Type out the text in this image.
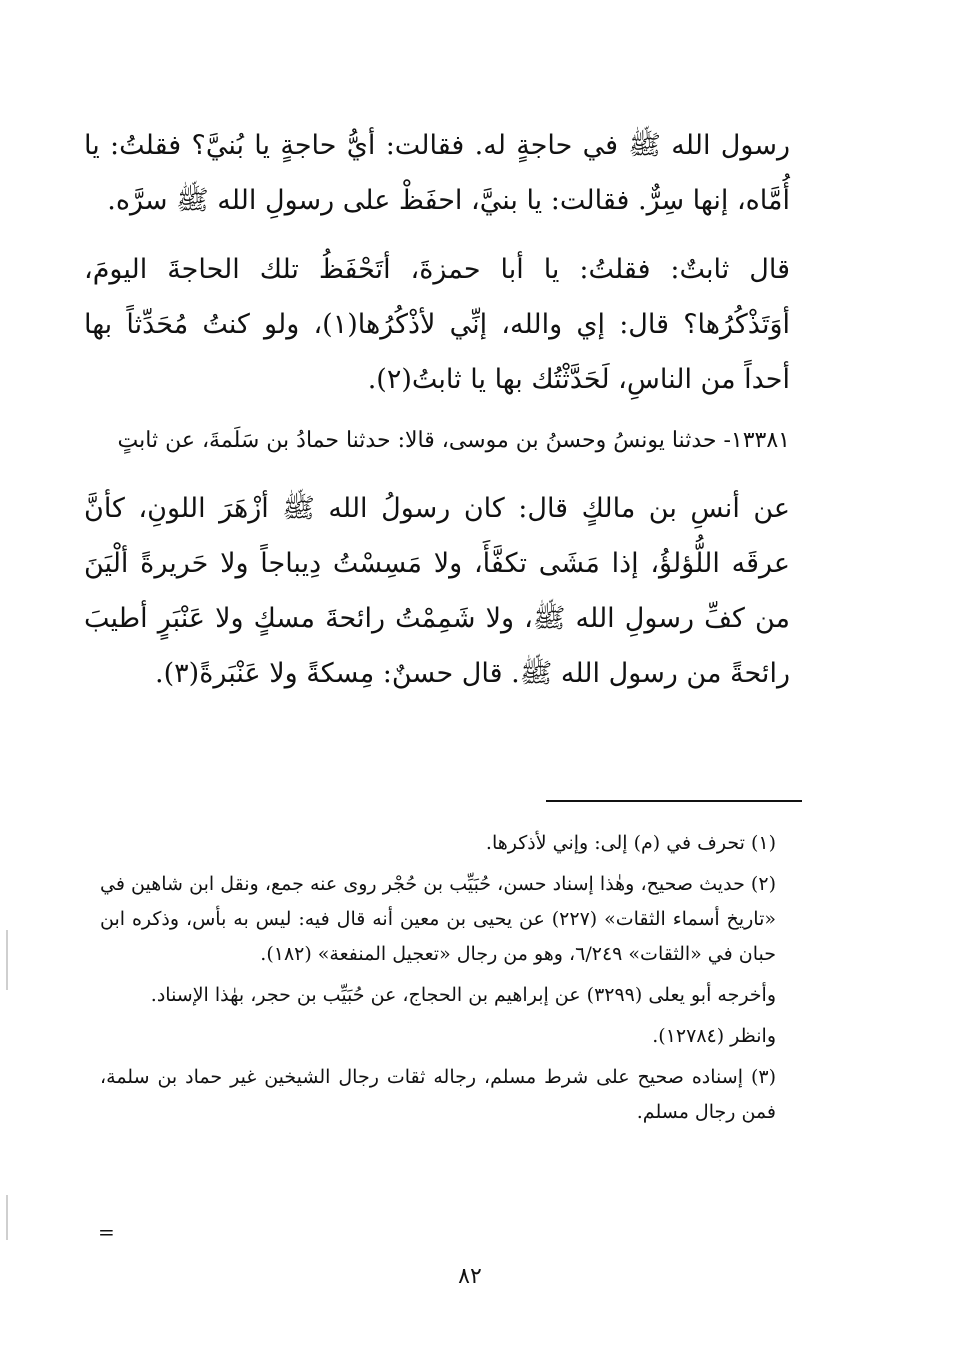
رسول الله ﷺ في حاجةٍ له. فقالت: أيُّ حاجةٍ يا بُنيَّ؟ فقلتُ: يا أُمَّاه، إنها سِرٌّ. فقالت: يا بنيَّ، احفَظْ على رسولِ الله ﷺ سرَّه.

قال ثابتٌ: فقلتُ: يا أبا حمزةَ، أتَحْفَظُ تلك الحاجةَ اليومَ، أوَتَذْكُرُها؟ قال: إي والله، إنِّي لأذْكُرُها(١)، ولو كنتُ مُحَدِّثاً بها أحداً من الناسِ، لَحَدَّثْتُك بها يا ثابتُ(٢).

١٣٣٨١- حدثنا يونسُ وحسنُ بن موسى، قالا: حدثنا حمادُ بن سَلَمةَ، عن ثابتٍ

عن أنسِ بن مالكٍ قال: كان رسولُ الله ﷺ أزْهَرَ اللونِ، كأنَّ عرقَه اللُّؤلؤُ، إذا مَشَى تكفَّأَ، ولا مَسِسْتُ دِيباجاً ولا حَريرةً ألْيَنَ من كفِّ رسولِ الله ﷺ، ولا شَمِمْتُ رائحةَ مسكٍ ولا عَنْبَرٍ أطيبَ رائحةً من رسول الله ﷺ. قال حسنٌ: مِسكةً ولا عَنْبَرةً(٣).

(١) تحرف في (م) إلى: وإني لأذكرها.

(٢) حديث صحيح، وهٰذا إسناد حسن، حُبَيِّب بن حُجْر روى عنه جمع، ونقل ابن شاهين في «تاريخ أسماء الثقات» (٢٢٧) عن يحيى بن معين أنه قال فيه: ليس به بأس، وذكره ابن حبان في «الثقات» ٦/٢٤٩، وهو من رجال «تعجيل المنفعة» (١٨٢).

وأخرجه أبو يعلى (٣٢٩٩) عن إبراهيم بن الحجاج، عن حُبَيِّب بن حجر، بهٰذا الإسناد.

وانظر (١٢٧٨٤).

(٣) إسناده صحيح على شرط مسلم، رجاله ثقات رجال الشيخين غير حماد بن سلمة، فمن رجال مسلم.

=
٨٢
